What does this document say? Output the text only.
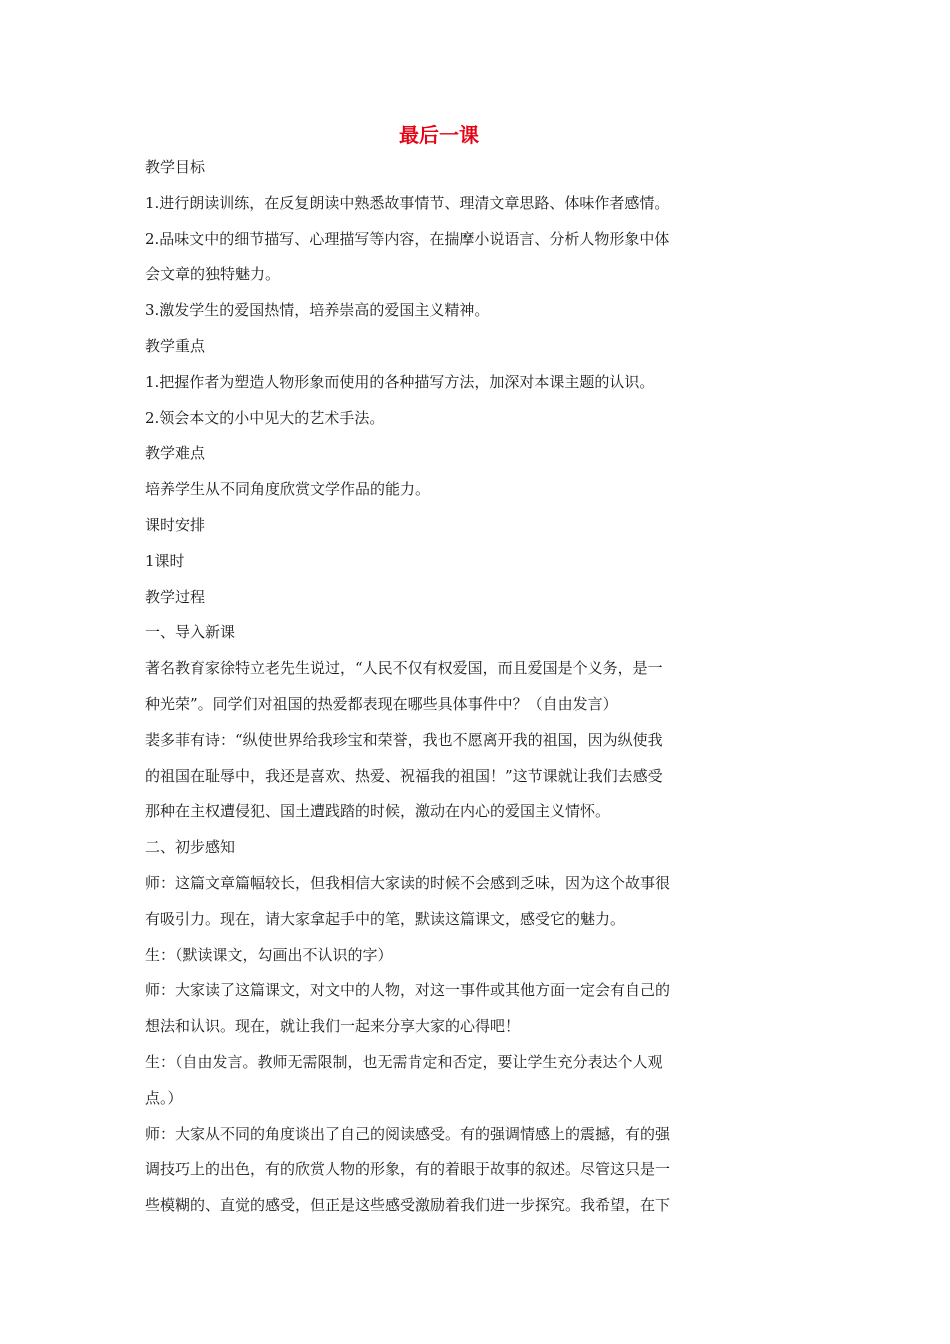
最后一课

教学目标

1.进行朗读训练，在反复朗读中熟悉故事情节、理清文章思路、体味作者感情。

2.品味文中的细节描写、心理描写等内容，在揣摩小说语言、分析人物形象中体

会文章的独特魅力。

3.激发学生的爱国热情，培养崇高的爱国主义精神。

教学重点

1.把握作者为塑造人物形象而使用的各种描写方法，加深对本课主题的认识。

2.领会本文的小中见大的艺术手法。

教学难点

培养学生从不同角度欣赏文学作品的能力。

课时安排

1课时

教学过程

一、导入新课

著名教育家徐特立老先生说过，“人民不仅有权爱国，而且爱国是个义务，是一

种光荣”。同学们对祖国的热爱都表现在哪些具体事件中？（自由发言）

裴多菲有诗：“纵使世界给我珍宝和荣誉，我也不愿离开我的祖国，因为纵使我

的祖国在耻辱中，我还是喜欢、热爱、祝福我的祖国！”这节课就让我们去感受

那种在主权遭侵犯、国土遭践踏的时候，激动在内心的爱国主义情怀。

二、初步感知

师：这篇文章篇幅较长，但我相信大家读的时候不会感到乏味，因为这个故事很

有吸引力。现在，请大家拿起手中的笔，默读这篇课文，感受它的魅力。

生：（默读课文，勾画出不认识的字）

师：大家读了这篇课文，对文中的人物，对这一事件或其他方面一定会有自己的

想法和认识。现在，就让我们一起来分享大家的心得吧！

生：（自由发言。教师无需限制，也无需肯定和否定，要让学生充分表达个人观

点。）

师：大家从不同的角度谈出了自己的阅读感受。有的强调情感上的震撼，有的强

调技巧上的出色，有的欣赏人物的形象，有的着眼于故事的叙述。尽管这只是一

些模糊的、直觉的感受，但正是这些感受激励着我们进一步探究。我希望，在下
